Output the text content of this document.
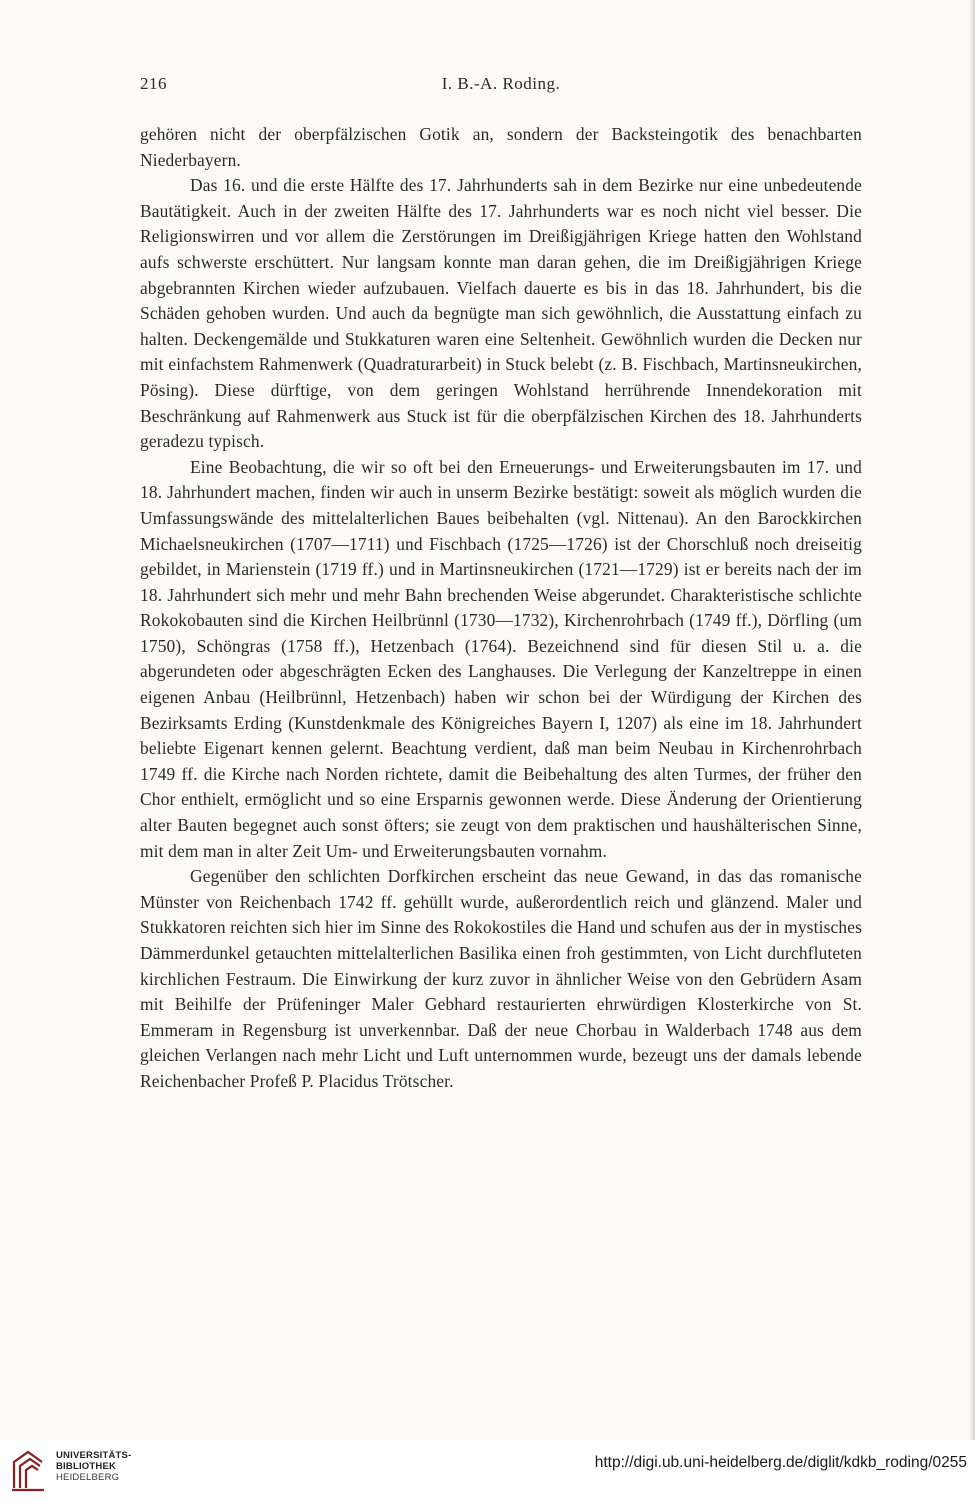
216	I. B.-A. Roding.

gehören nicht der oberpfälzischen Gotik an, sondern der Backsteingotik des benachbarten Niederbayern.

Das 16. und die erste Hälfte des 17. Jahrhunderts sah in dem Bezirke nur eine unbedeutende Bautätigkeit. Auch in der zweiten Hälfte des 17. Jahrhunderts war es noch nicht viel besser. Die Religionswirren und vor allem die Zerstörungen im Dreißigjährigen Kriege hatten den Wohlstand aufs schwerste erschüttert. Nur langsam konnte man daran gehen, die im Dreißigjährigen Kriege abgebrannten Kirchen wieder aufzubauen. Vielfach dauerte es bis in das 18. Jahrhundert, bis die Schäden gehoben wurden. Und auch da begnügte man sich gewöhnlich, die Ausstattung einfach zu halten. Deckengemälde und Stukkaturen waren eine Seltenheit. Gewöhnlich wurden die Decken nur mit einfachstem Rahmenwerk (Quadraturarbeit) in Stuck belebt (z. B. Fischbach, Martinsneukirchen, Pösing). Diese dürftige, von dem geringen Wohlstand herrührende Innendekoration mit Beschränkung auf Rahmenwerk aus Stuck ist für die oberpfälzischen Kirchen des 18. Jahrhunderts geradezu typisch.

Eine Beobachtung, die wir so oft bei den Erneuerungs- und Erweiterungsbauten im 17. und 18. Jahrhundert machen, finden wir auch in unserm Bezirke bestätigt: soweit als möglich wurden die Umfassungswände des mittelalterlichen Baues beibehalten (vgl. Nittenau). An den Barockkirchen Michaelsneukirchen (1707—1711) und Fischbach (1725—1726) ist der Chorschluß noch dreiseitig gebildet, in Marienstein (1719 ff.) und in Martinsneukirchen (1721—1729) ist er bereits nach der im 18. Jahrhundert sich mehr und mehr Bahn brechenden Weise abgerundet. Charakteristische schlichte Rokokobauten sind die Kirchen Heilbrünnl (1730—1732), Kirchenrohrbach (1749 ff.), Dörfling (um 1750), Schöngras (1758 ff.), Hetzenbach (1764). Bezeichnend sind für diesen Stil u. a. die abgerundeten oder abgeschrägten Ecken des Langhauses. Die Verlegung der Kanzeltreppe in einen eigenen Anbau (Heilbrünnl, Hetzenbach) haben wir schon bei der Würdigung der Kirchen des Bezirksamts Erding (Kunstdenkmale des Königreiches Bayern I, 1207) als eine im 18. Jahrhundert beliebte Eigenart kennen gelernt. Beachtung verdient, daß man beim Neubau in Kirchenrohrbach 1749 ff. die Kirche nach Norden richtete, damit die Beibehaltung des alten Turmes, der früher den Chor enthielt, ermöglicht und so eine Ersparnis gewonnen werde. Diese Änderung der Orientierung alter Bauten begegnet auch sonst öfters; sie zeugt von dem praktischen und haushälterischen Sinne, mit dem man in alter Zeit Um- und Erweiterungsbauten vornahm.

Gegenüber den schlichten Dorfkirchen erscheint das neue Gewand, in das das romanische Münster von Reichenbach 1742 ff. gehüllt wurde, außerordentlich reich und glänzend. Maler und Stukkatoren reichten sich hier im Sinne des Rokokostiles die Hand und schufen aus der in mystisches Dämmerdunkel getauchten mittelalterlichen Basilika einen froh gestimmten, von Licht durchfluteten kirchlichen Festraum. Die Einwirkung der kurz zuvor in ähnlicher Weise von den Gebrüdern Asam mit Beihilfe der Prüfeninger Maler Gebhard restaurierten ehrwürdigen Klosterkirche von St. Emmeram in Regensburg ist unverkennbar. Daß der neue Chorbau in Walderbach 1748 aus dem gleichen Verlangen nach mehr Licht und Luft unternommen wurde, bezeugt uns der damals lebende Reichenbacher Profeß P. Placidus Trötscher.

UNIVERSITÄTS-
BIBLIOTHEK
HEIDELBERG
http://digi.ub.uni-heidelberg.de/diglit/kdkb_roding/0255
